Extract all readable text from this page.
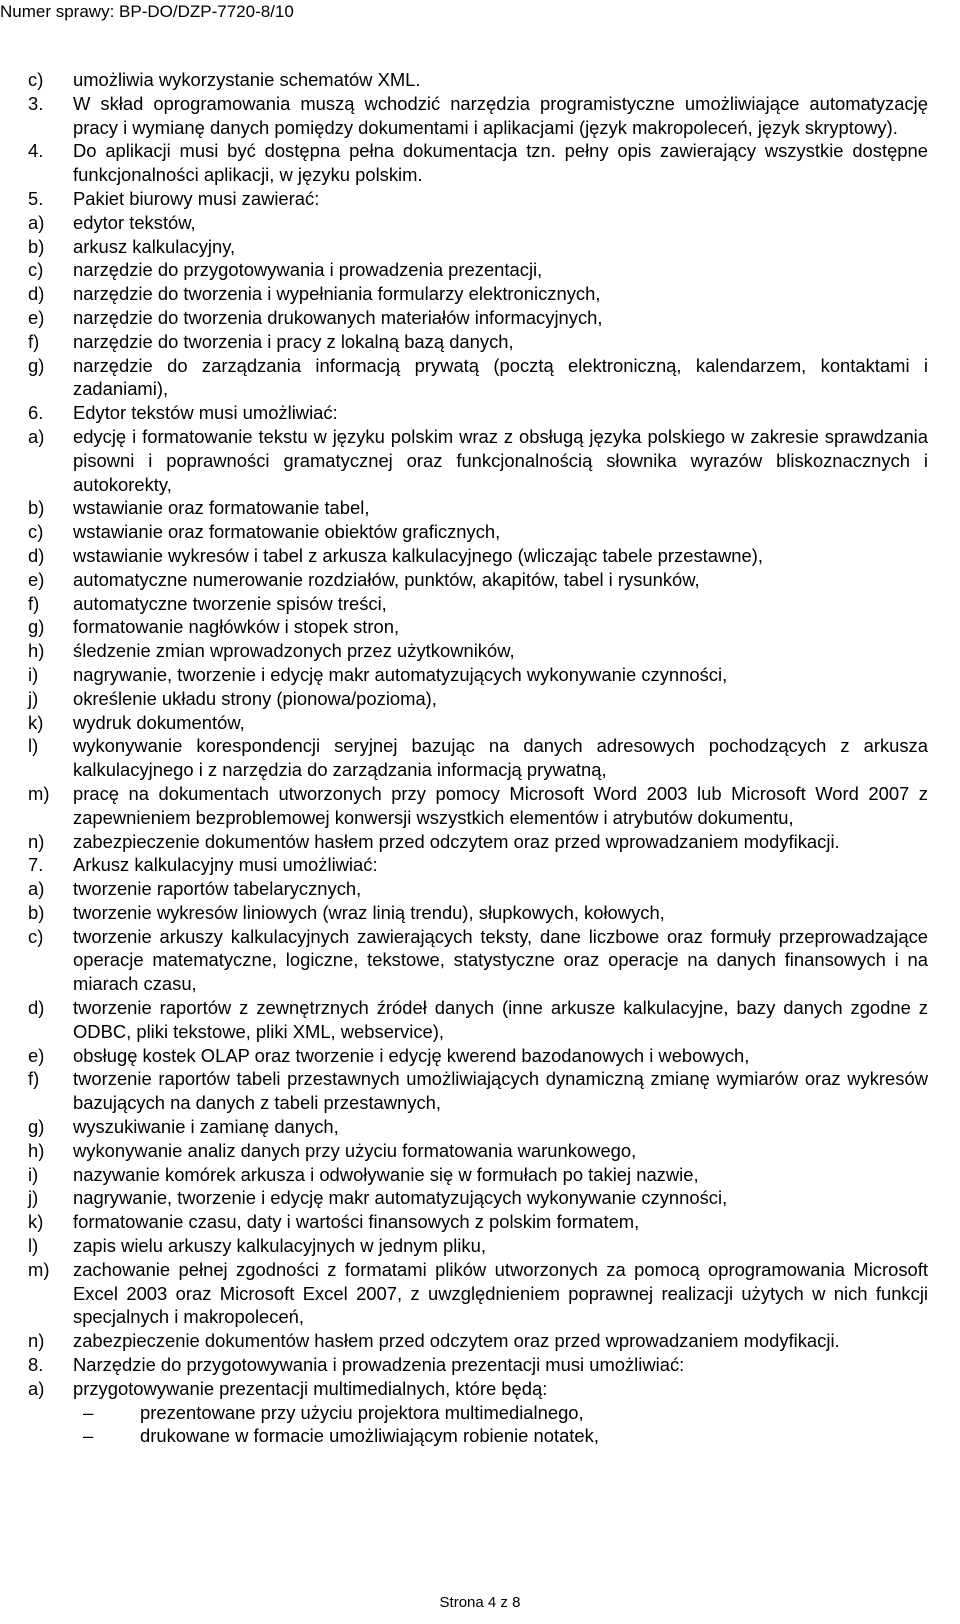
Numer sprawy: BP-DO/DZP-7720-8/10
c)	umożliwia wykorzystanie schematów XML.
3.	W skład oprogramowania muszą wchodzić narzędzia programistyczne umożliwiające automatyzację pracy i wymianę danych pomiędzy dokumentami i aplikacjami (język makropoleceń, język skryptowy).
4.	Do aplikacji musi być dostępna pełna dokumentacja tzn. pełny opis zawierający wszystkie dostępne funkcjonalności aplikacji, w języku polskim.
5.	Pakiet biurowy musi zawierać:
a)	edytor tekstów,
b)	arkusz kalkulacyjny,
c)	narzędzie do przygotowywania i prowadzenia prezentacji,
d)	narzędzie do tworzenia i wypełniania formularzy elektronicznych,
e)	narzędzie do tworzenia drukowanych materiałów informacyjnych,
f)	narzędzie do tworzenia i pracy z lokalną bazą danych,
g)	narzędzie do zarządzania informacją prywatą (pocztą elektroniczną, kalendarzem, kontaktami i zadaniami),
6.	Edytor tekstów musi umożliwiać:
a)	edycję i formatowanie tekstu w języku polskim wraz z obsługą języka polskiego w zakresie sprawdzania pisowni i poprawności gramatycznej oraz funkcjonalnością słownika wyrazów bliskoznacznych i autokorekty,
b)	wstawianie oraz formatowanie tabel,
c)	wstawianie oraz formatowanie obiektów graficznych,
d)	wstawianie wykresów i tabel z arkusza kalkulacyjnego (wliczając tabele przestawne),
e)	automatyczne numerowanie rozdziałów, punktów, akapitów, tabel i rysunków,
f)	automatyczne tworzenie spisów treści,
g)	formatowanie nagłówków i stopek stron,
h)	śledzenie zmian wprowadzonych przez użytkowników,
i)	nagrywanie, tworzenie i edycję makr automatyzujących wykonywanie czynności,
j)	określenie układu strony (pionowa/pozioma),
k)	wydruk dokumentów,
l)	wykonywanie korespondencji seryjnej bazując na danych adresowych pochodzących z arkusza kalkulacyjnego i z narzędzia do zarządzania informacją prywatną,
m)	pracę na dokumentach utworzonych przy pomocy Microsoft Word 2003 lub Microsoft Word 2007 z zapewnieniem bezproblemowej konwersji wszystkich elementów i atrybutów dokumentu,
n)	zabezpieczenie dokumentów hasłem przed odczytem oraz przed wprowadzaniem modyfikacji.
7.	Arkusz kalkulacyjny musi umożliwiać:
a)	tworzenie raportów tabelarycznych,
b)	tworzenie wykresów liniowych (wraz linią trendu), słupkowych, kołowych,
c)	tworzenie arkuszy kalkulacyjnych zawierających teksty, dane liczbowe oraz formuły przeprowadzające operacje matematyczne, logiczne, tekstowe, statystyczne oraz operacje na danych finansowych i na miarach czasu,
d)	tworzenie raportów z zewnętrznych źródeł danych (inne arkusze kalkulacyjne, bazy danych zgodne z ODBC, pliki tekstowe, pliki XML, webservice),
e)	obsługę kostek OLAP oraz tworzenie i edycję kwerend bazodanowych i webowych,
f)	tworzenie raportów tabeli przestawnych umożliwiających dynamiczną zmianę wymiarów oraz wykresów bazujących na danych z tabeli przestawnych,
g)	wyszukiwanie i zamianę danych,
h)	wykonywanie analiz danych przy użyciu formatowania warunkowego,
i)	nazywanie komórek arkusza i odwoływanie się w formułach po takiej nazwie,
j)	nagrywanie, tworzenie i edycję makr automatyzujących wykonywanie czynności,
k)	formatowanie czasu, daty i wartości finansowych z polskim formatem,
l)	zapis wielu arkuszy kalkulacyjnych w jednym pliku,
m)	zachowanie pełnej zgodności z formatami plików utworzonych za pomocą oprogramowania Microsoft Excel 2003 oraz Microsoft Excel 2007, z uwzględnieniem poprawnej realizacji użytych w nich funkcji specjalnych i makropoleceń,
n)	zabezpieczenie dokumentów hasłem przed odczytem oraz przed wprowadzaniem modyfikacji.
8.	Narzędzie do przygotowywania i prowadzenia prezentacji musi umożliwiać:
a)	przygotowywanie prezentacji multimedialnych, które będą:
–	prezentowane przy użyciu projektora multimedialnego,
–	drukowane w formacie umożliwiającym robienie notatek,
Strona 4 z 8
